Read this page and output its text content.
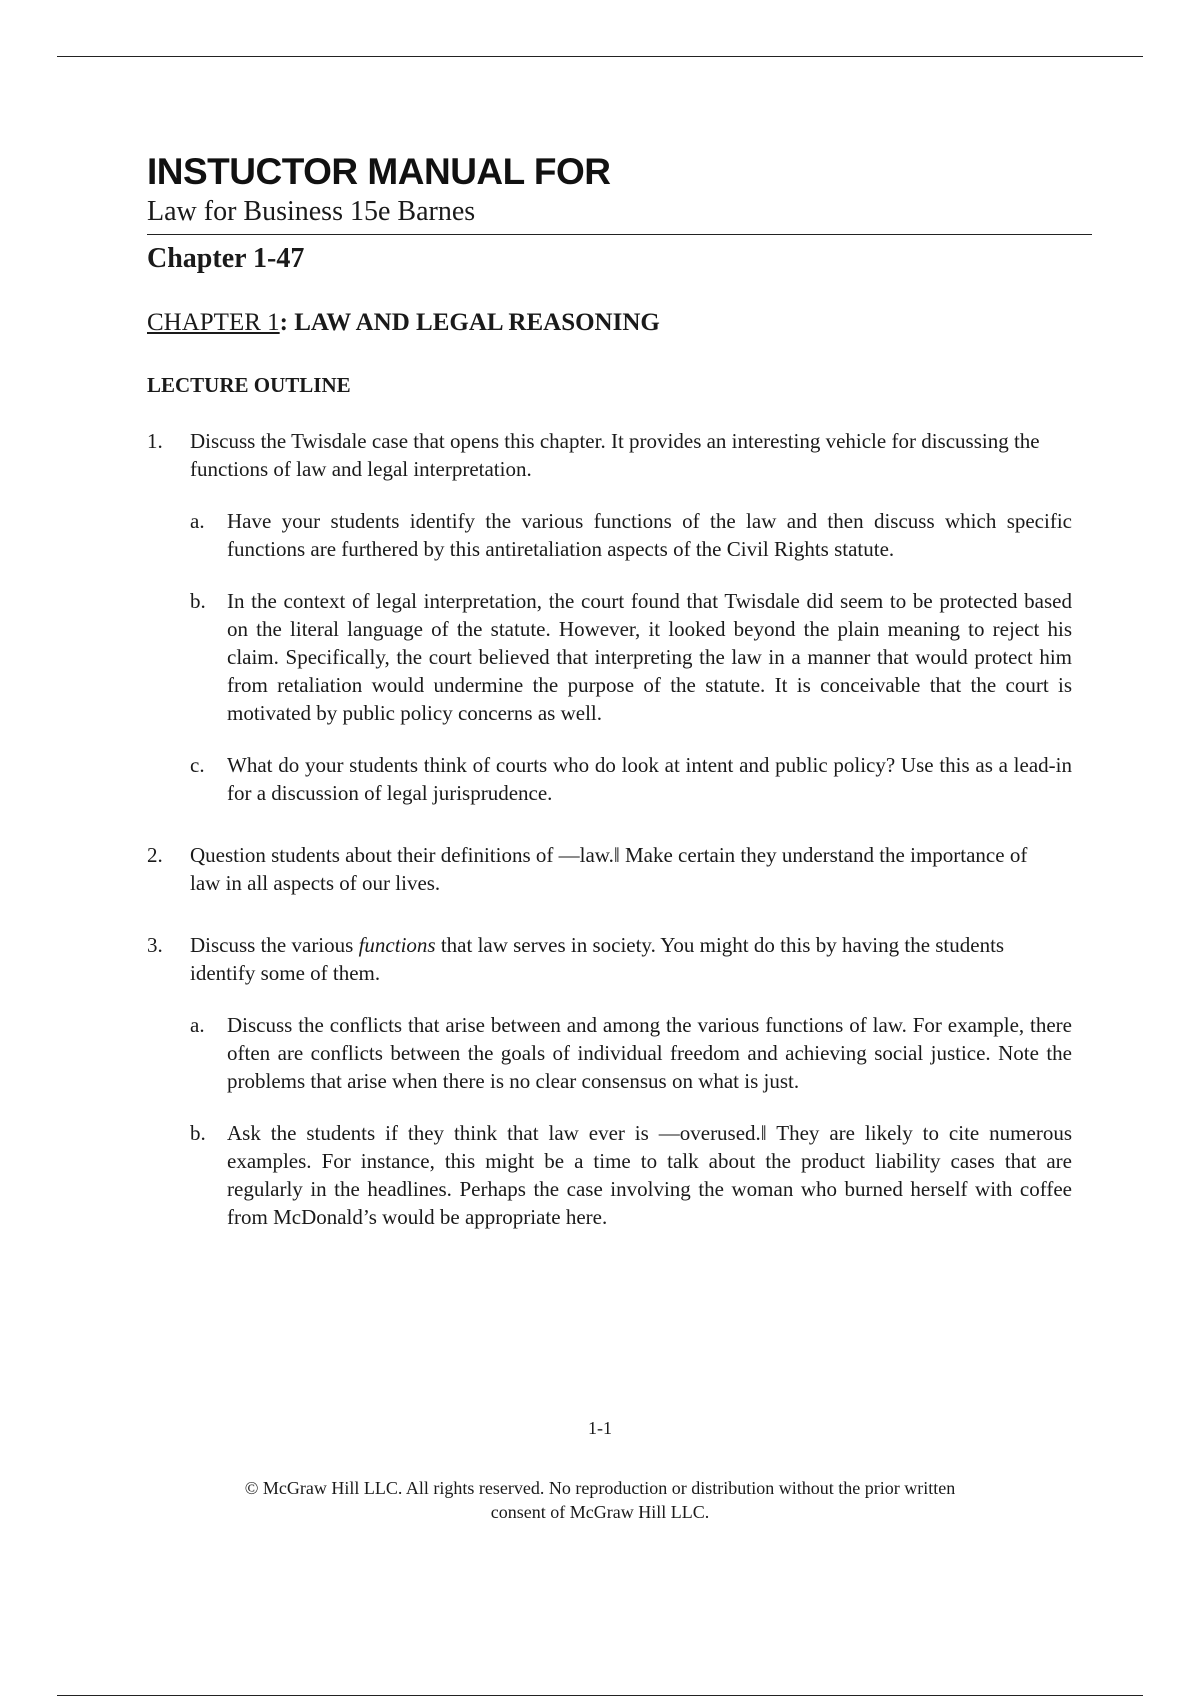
INSTUCTOR MANUAL FOR

Law for Business 15e Barnes

Chapter 1-47

CHAPTER 1: LAW AND LEGAL REASONING

LECTURE OUTLINE

1. Discuss the Twisdale case that opens this chapter. It provides an interesting vehicle for discussing the functions of law and legal interpretation.
a. Have your students identify the various functions of the law and then discuss which specific functions are furthered by this antiretaliation aspects of the Civil Rights statute.
b. In the context of legal interpretation, the court found that Twisdale did seem to be protected based on the literal language of the statute. However, it looked beyond the plain meaning to reject his claim. Specifically, the court believed that interpreting the law in a manner that would protect him from retaliation would undermine the purpose of the statute. It is conceivable that the court is motivated by public policy concerns as well.
c. What do your students think of courts who do look at intent and public policy? Use this as a lead-in for a discussion of legal jurisprudence.
2. Question students about their definitions of —law.‖ Make certain they understand the importance of law in all aspects of our lives.
3. Discuss the various functions that law serves in society. You might do this by having the students identify some of them.
a. Discuss the conflicts that arise between and among the various functions of law. For example, there often are conflicts between the goals of individual freedom and achieving social justice. Note the problems that arise when there is no clear consensus on what is just.
b. Ask the students if they think that law ever is —overused.‖ They are likely to cite numerous examples. For instance, this might be a time to talk about the product liability cases that are regularly in the headlines. Perhaps the case involving the woman who burned herself with coffee from McDonald’s would be appropriate here.
1-1
© McGraw Hill LLC. All rights reserved. No reproduction or distribution without the prior written
consent of McGraw Hill LLC.
